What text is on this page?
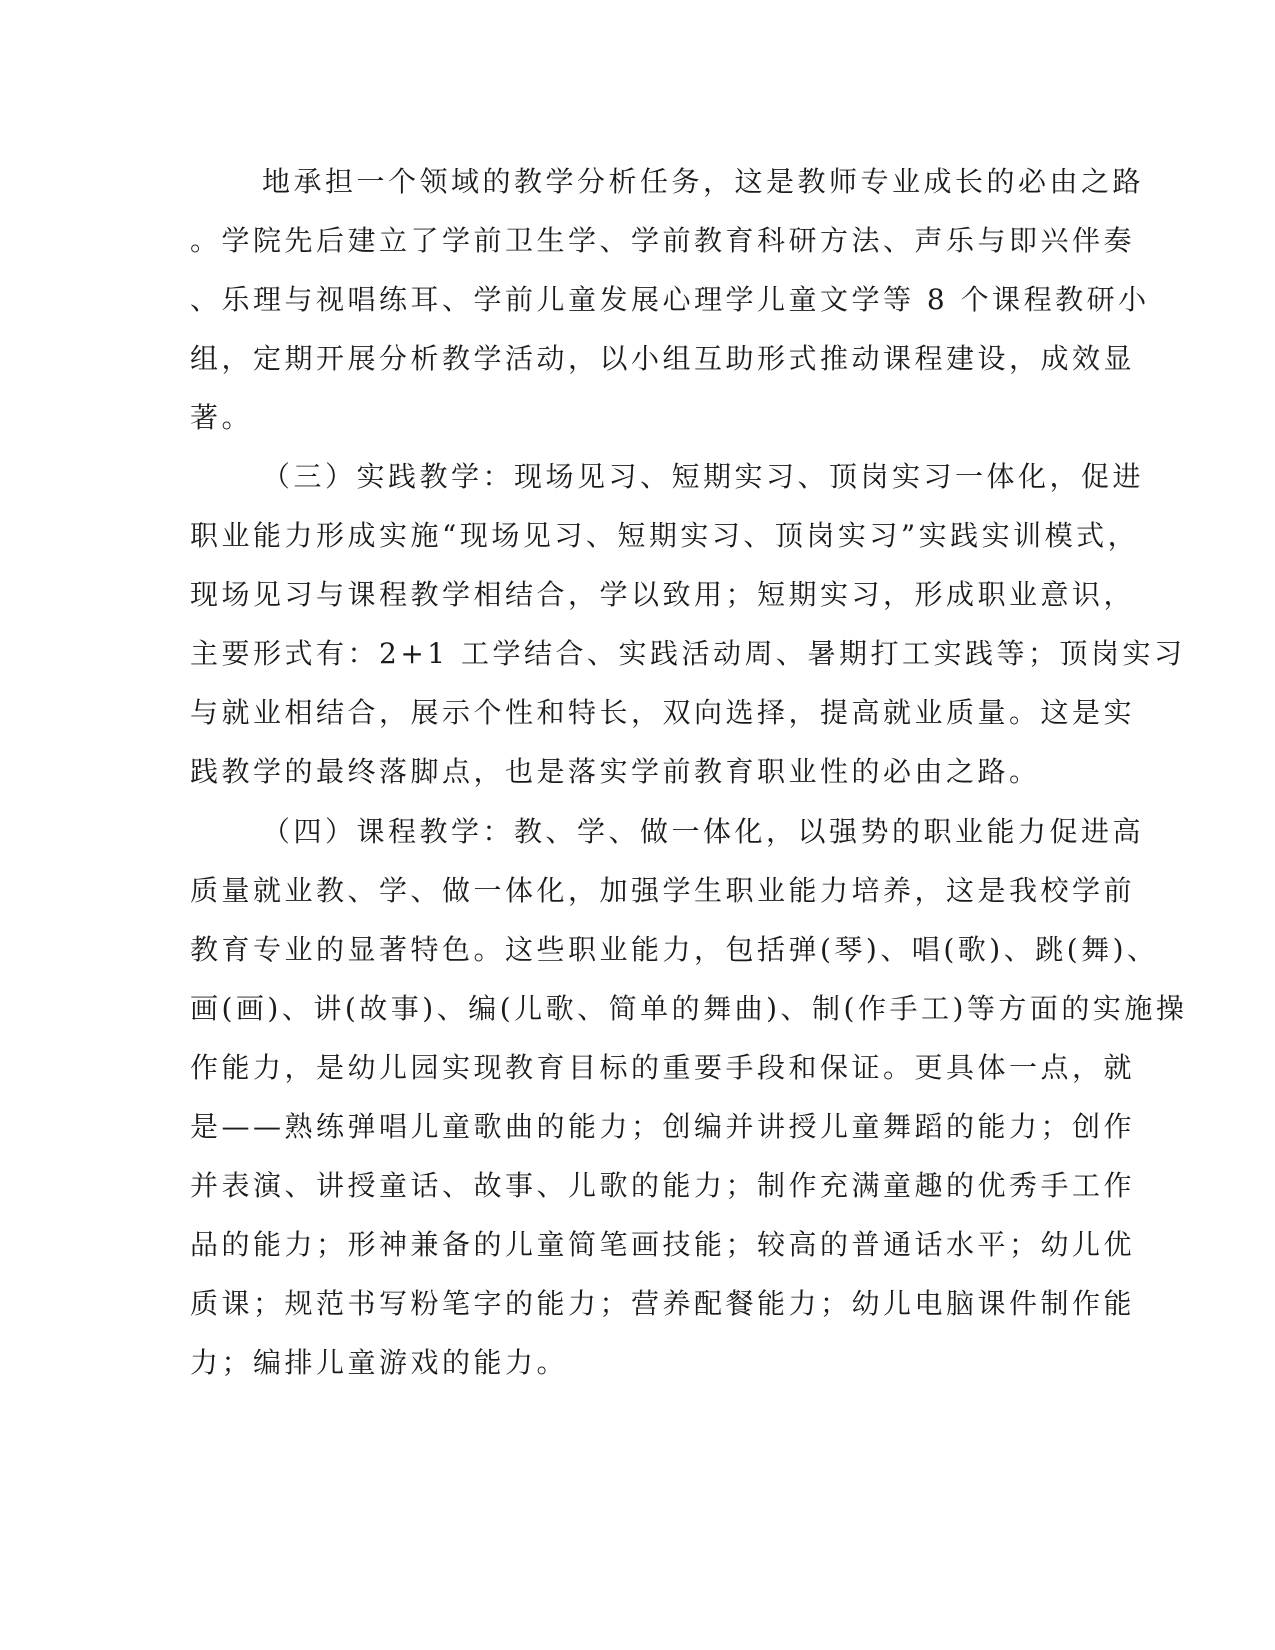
地承担一个领域的教学分析任务，这是教师专业成长的必由之路
。学院先后建立了学前卫生学、学前教育科研方法、声乐与即兴伴奏
、乐理与视唱练耳、学前儿童发展心理学儿童文学等 8 个课程教研小
组，定期开展分析教学活动，以小组互助形式推动课程建设，成效显
著。
（三）实践教学：现场见习、短期实习、顶岗实习一体化，促进
职业能力形成实施“现场见习、短期实习、顶岗实习”实践实训模式，
现场见习与课程教学相结合，学以致用；短期实习，形成职业意识，
主要形式有：2+1 工学结合、实践活动周、暑期打工实践等；顶岗实习
与就业相结合，展示个性和特长，双向选择，提高就业质量。这是实
践教学的最终落脚点，也是落实学前教育职业性的必由之路。
（四）课程教学：教、学、做一体化，以强势的职业能力促进高
质量就业教、学、做一体化，加强学生职业能力培养，这是我校学前
教育专业的显著特色。这些职业能力，包括弹(琴)、唱(歌)、跳(舞)、
画(画)、讲(故事)、编(儿歌、简单的舞曲)、制(作手工)等方面的实施操
作能力，是幼儿园实现教育目标的重要手段和保证。更具体一点，就
是——熟练弹唱儿童歌曲的能力；创编并讲授儿童舞蹈的能力；创作
并表演、讲授童话、故事、儿歌的能力；制作充满童趣的优秀手工作
品的能力；形神兼备的儿童简笔画技能；较高的普通话水平；幼儿优
质课；规范书写粉笔字的能力；营养配餐能力；幼儿电脑课件制作能
力；编排儿童游戏的能力。
